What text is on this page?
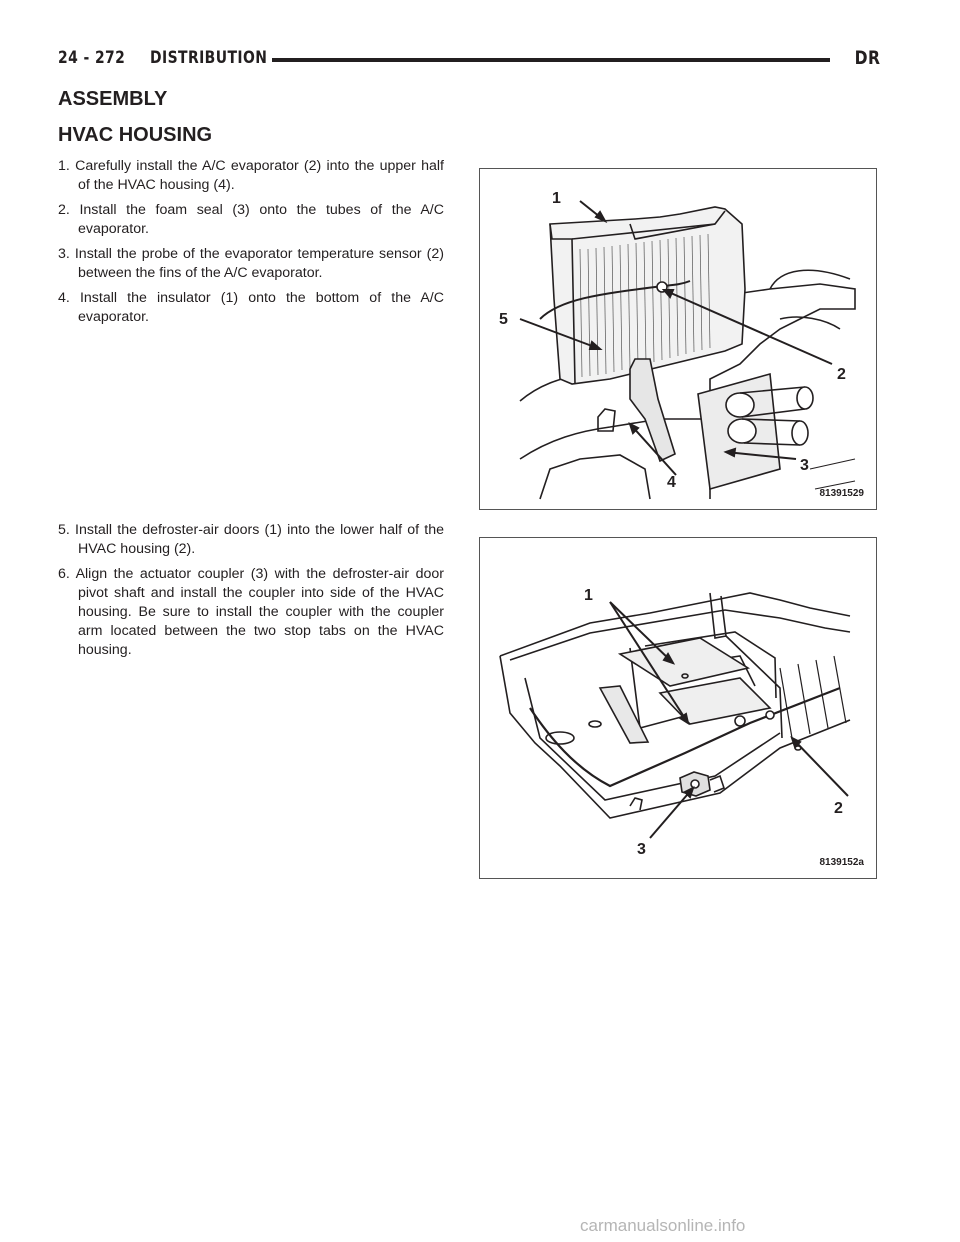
24 - 272 DISTRIBUTION	DR
ASSEMBLY
HVAC HOUSING
1. Carefully install the A/C evaporator (2) into the upper half of the HVAC housing (4).
2. Install the foam seal (3) onto the tubes of the A/C evaporator.
3. Install the probe of the evaporator temperature sensor (2) between the fins of the A/C evaporator.
4. Install the insulator (1) onto the bottom of the A/C evaporator.
5. Install the defroster-air doors (1) into the lower half of the HVAC housing (2).
6. Align the actuator coupler (3) with the defroster-air door pivot shaft and install the coupler into side of the HVAC housing. Be sure to install the coupler with the coupler arm located between the two stop tabs on the HVAC housing.
1
2
3
4
5
81391529
1
2
3
8139152a
carmanualsonline.info
